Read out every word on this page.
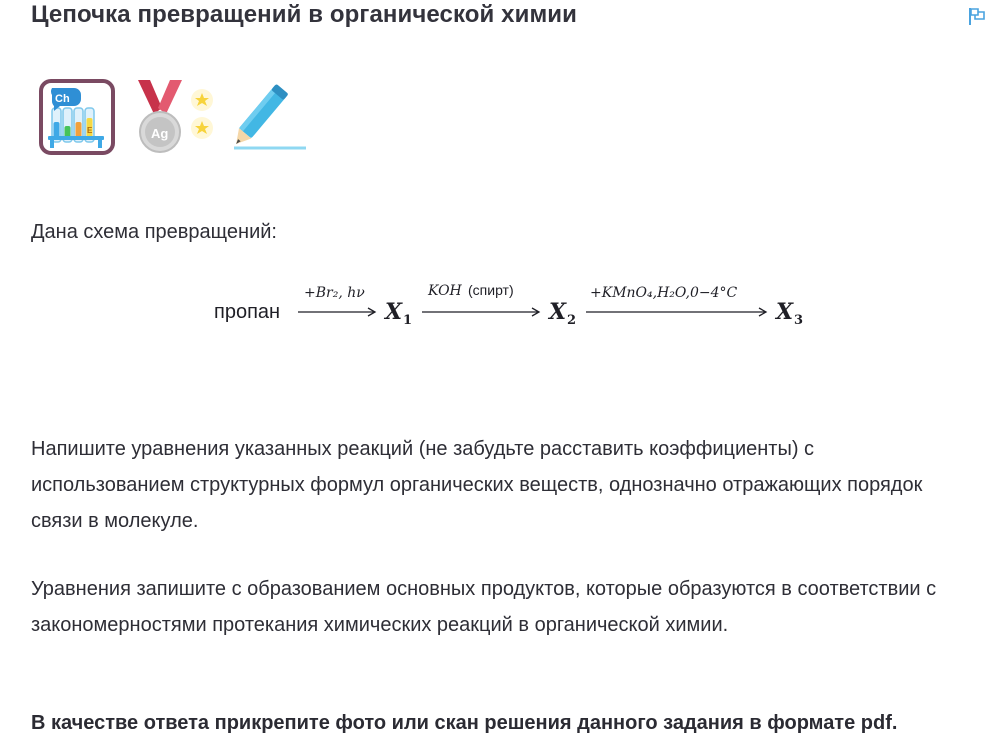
Цепочка превращений в органической химии
Ch
E	Ag
Дана схема превращений:
пропан
+Br₂, hν
X 1
KOH (спирт)
X 2
+KMnO₄,H₂O,0−4°C
X 3
Напишите уравнения указанных реакций (не забудьте расставить коэффициенты) с использованием структурных формул органических веществ, однозначно отражающих порядок связи в молекуле.
Уравнения запишите с образованием основных продуктов, которые образуются в соответствии с закономерностями протекания химических реакций в органической химии.
В качестве ответа прикрепите фото или скан решения данного задания в формате pdf.
